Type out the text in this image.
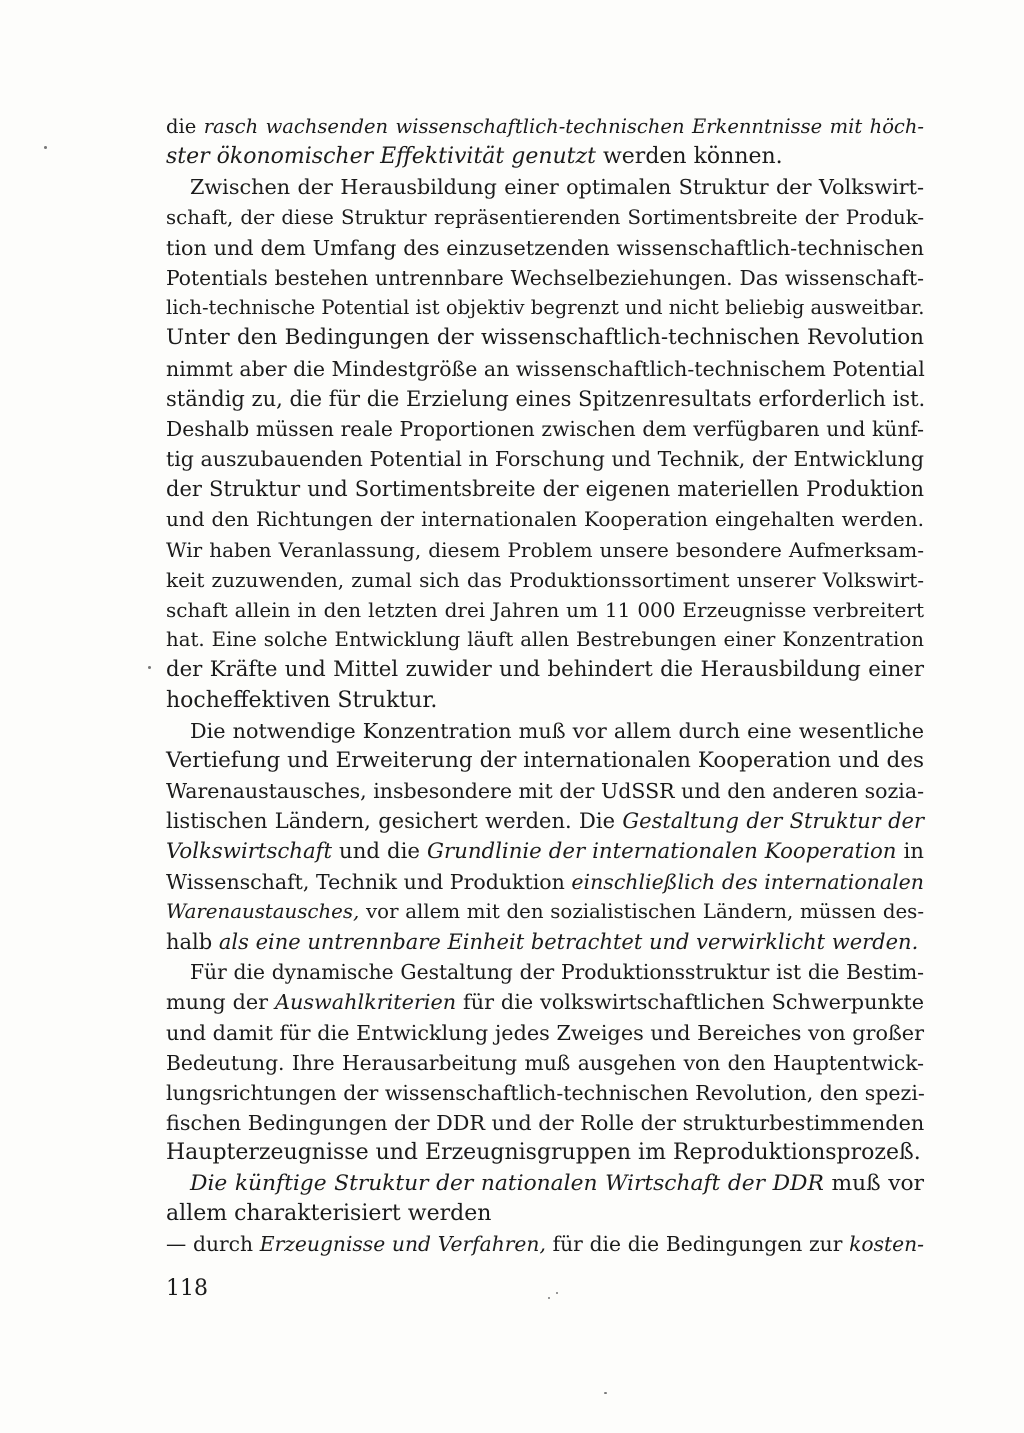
die rasch wachsenden wissenschaftlich-technischen Erkenntnisse mit höch-
ster ökonomischer Effektivität genutzt werden können.
Zwischen der Herausbildung einer optimalen Struktur der Volkswirt-
schaft, der diese Struktur repräsentierenden Sortimentsbreite der Produk-
tion und dem Umfang des einzusetzenden wissenschaftlich-technischen
Potentials bestehen untrennbare Wechselbeziehungen. Das wissenschaft-
lich-technische Potential ist objektiv begrenzt und nicht beliebig ausweitbar.
Unter den Bedingungen der wissenschaftlich-technischen Revolution
nimmt aber die Mindestgröße an wissenschaftlich-technischem Potential
ständig zu, die für die Erzielung eines Spitzenresultats erforderlich ist.
Deshalb müssen reale Proportionen zwischen dem verfügbaren und künf-
tig auszubauenden Potential in Forschung und Technik, der Entwicklung
der Struktur und Sortimentsbreite der eigenen materiellen Produktion
und den Richtungen der internationalen Kooperation eingehalten werden.
Wir haben Veranlassung, diesem Problem unsere besondere Aufmerksam-
keit zuzuwenden, zumal sich das Produktionssortiment unserer Volkswirt-
schaft allein in den letzten drei Jahren um 11 000 Erzeugnisse verbreitert
hat. Eine solche Entwicklung läuft allen Bestrebungen einer Konzentration
der Kräfte und Mittel zuwider und behindert die Herausbildung einer
hocheffektiven Struktur.
Die notwendige Konzentration muß vor allem durch eine wesentliche
Vertiefung und Erweiterung der internationalen Kooperation und des
Warenaustausches, insbesondere mit der UdSSR und den anderen sozia-
listischen Ländern, gesichert werden. Die Gestaltung der Struktur der
Volkswirtschaft und die Grundlinie der internationalen Kooperation in
Wissenschaft, Technik und Produktion einschließlich des internationalen
Warenaustausches, vor allem mit den sozialistischen Ländern, müssen des-
halb als eine untrennbare Einheit betrachtet und verwirklicht werden.
Für die dynamische Gestaltung der Produktionsstruktur ist die Bestim-
mung der Auswahlkriterien für die volkswirtschaftlichen Schwerpunkte
und damit für die Entwicklung jedes Zweiges und Bereiches von großer
Bedeutung. Ihre Herausarbeitung muß ausgehen von den Hauptentwick-
lungsrichtungen der wissenschaftlich-technischen Revolution, den spezi-
fischen Bedingungen der DDR und der Rolle der strukturbestimmenden
Haupterzeugnisse und Erzeugnisgruppen im Reproduktionsprozeß.
Die künftige Struktur der nationalen Wirtschaft der DDR muß vor
allem charakterisiert werden
— durch Erzeugnisse und Verfahren, für die die Bedingungen zur kosten-
118
